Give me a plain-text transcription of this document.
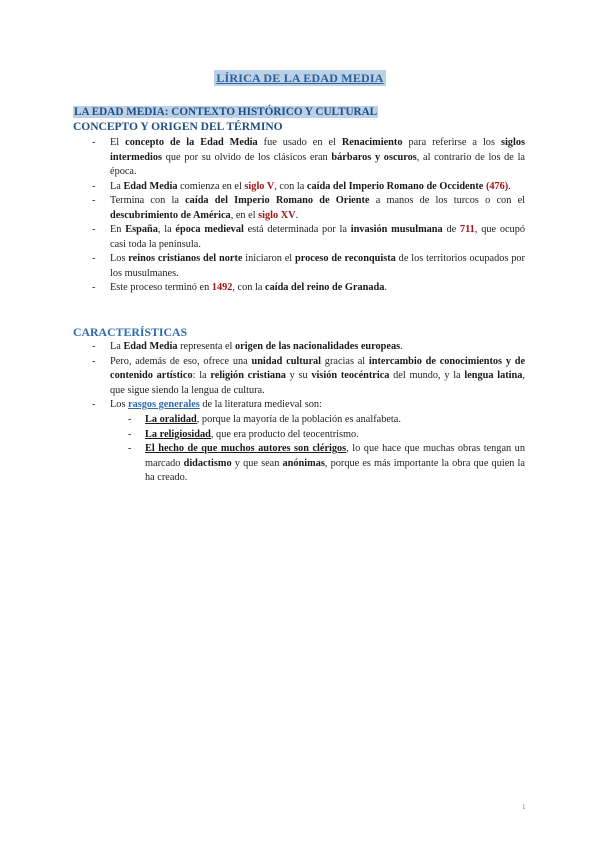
LÍRICA DE LA EDAD MEDIA
LA EDAD MEDIA: CONTEXTO HISTÓRICO Y CULTURAL
CONCEPTO Y ORIGEN DEL TÉRMINO
- El concepto de la Edad Media fue usado en el Renacimiento para referirse a los siglos intermedios que por su olvido de los clásicos eran bárbaros y oscuros, al contrario de los de la época.
- La Edad Media comienza en el siglo V, con la caída del Imperio Romano de Occidente (476).
- Termina con la caída del Imperio Romano de Oriente a manos de los turcos o con el descubrimiento de América, en el siglo XV.
- En España, la época medieval está determinada por la invasión musulmana de 711, que ocupó casi toda la península.
- Los reinos cristianos del norte iniciaron el proceso de reconquista de los territorios ocupados por los musulmanes.
- Este proceso terminó en 1492, con la caída del reino de Granada.
CARACTERÍSTICAS
- La Edad Media representa el origen de las nacionalidades europeas.
- Pero, además de eso, ofrece una unidad cultural gracias al intercambio de conocimientos y de contenido artístico: la religión cristiana y su visión teocéntrica del mundo, y la lengua latina, que sigue siendo la lengua de cultura.
- Los rasgos generales de la literatura medieval son:
- La oralidad, porque la mayoría de la población es analfabeta.
- La religiosidad, que era producto del teocentrismo.
- El hecho de que muchos autores son clérigos, lo que hace que muchas obras tengan un marcado didactismo y que sean anónimas, porque es más importante la obra que quien la ha creado.
1
